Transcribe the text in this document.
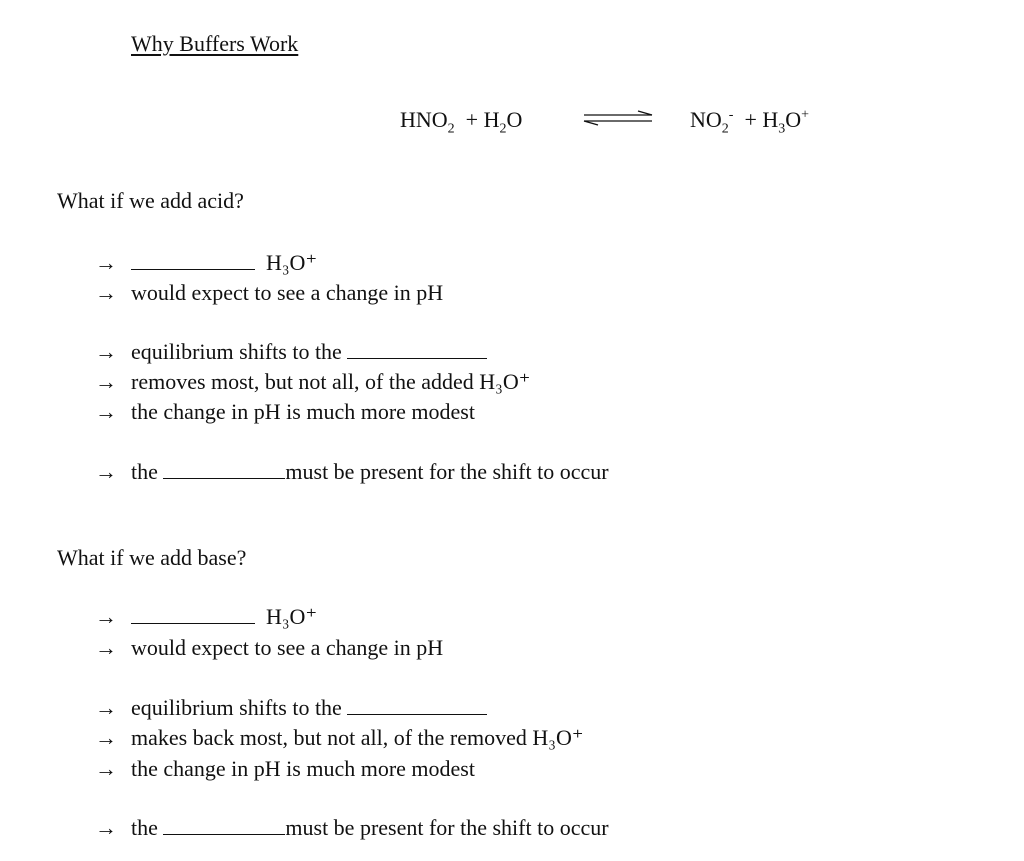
Why Buffers Work
$HNO_2 + H_2O$	$NO_2^- + H_3O^+$
What if we add acid?
→	H₃O⁺
→ would expect to see a change in pH
→ equilibrium shifts to the
→ removes most, but not all, of the added H₃O⁺
→ the change in pH is much more modest
→ the	must be present for the shift to occur
What if we add base?
→	H₃O⁺
→ would expect to see a change in pH
→ equilibrium shifts to the
→ makes back most, but not all, of the removed H₃O⁺
→ the change in pH is much more modest
→ the	must be present for the shift to occur
